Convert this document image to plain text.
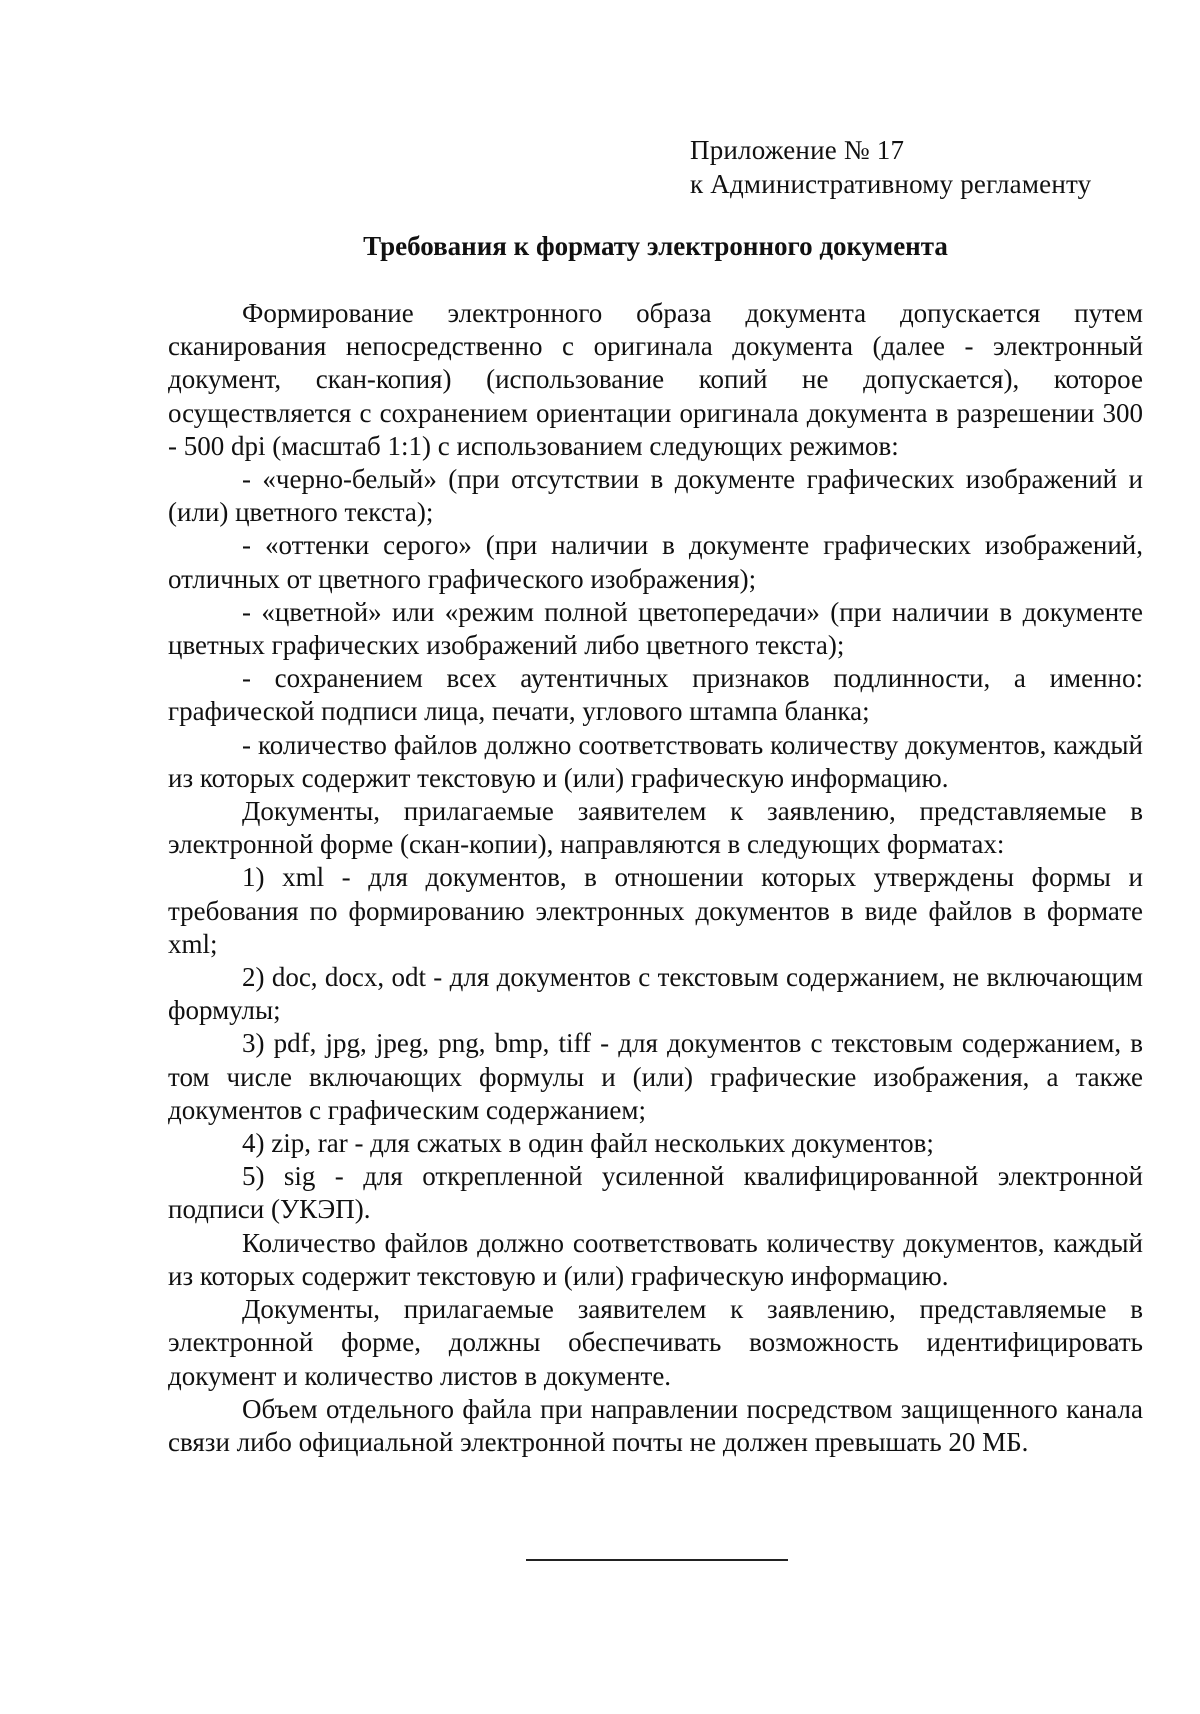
Приложение № 17
к Административному регламенту
Требования к формату электронного документа

Формирование электронного образа документа допускается путем сканирования непосредственно с оригинала документа (далее - электронный документ, скан-копия) (использование копий не допускается), которое осуществляется с сохранением ориентации оригинала документа в разрешении 300 - 500 dpi (масштаб 1:1) с использованием следующих режимов:

- «черно-белый» (при отсутствии в документе графических изображений и (или) цветного текста);

- «оттенки серого» (при наличии в документе графических изображений, отличных от цветного графического изображения);

- «цветной» или «режим полной цветопередачи» (при наличии в документе цветных графических изображений либо цветного текста);

- сохранением всех аутентичных признаков подлинности, а именно: графической подписи лица, печати, углового штампа бланка;

- количество файлов должно соответствовать количеству документов, каждый из которых содержит текстовую и (или) графическую информацию.

Документы, прилагаемые заявителем к заявлению, представляемые в электронной форме (скан-копии), направляются в следующих форматах:

1) xml - для документов, в отношении которых утверждены формы и требования по формированию электронных документов в виде файлов в формате xml;

2) doc, docx, odt - для документов с текстовым содержанием, не включающим формулы;

3) pdf, jpg, jpeg, png, bmp, tiff - для документов с текстовым содержанием, в том числе включающих формулы и (или) графические изображения, а также документов с графическим содержанием;

4) zip, rar - для сжатых в один файл нескольких документов;

5) sig - для открепленной усиленной квалифицированной электронной подписи (УКЭП).

Количество файлов должно соответствовать количеству документов, каждый из которых содержит текстовую и (или) графическую информацию.

Документы, прилагаемые заявителем к заявлению, представляемые в электронной форме, должны обеспечивать возможность идентифицировать документ и количество листов в документе.

Объем отдельного файла при направлении посредством защищенного канала связи либо официальной электронной почты не должен превышать 20 МБ.
